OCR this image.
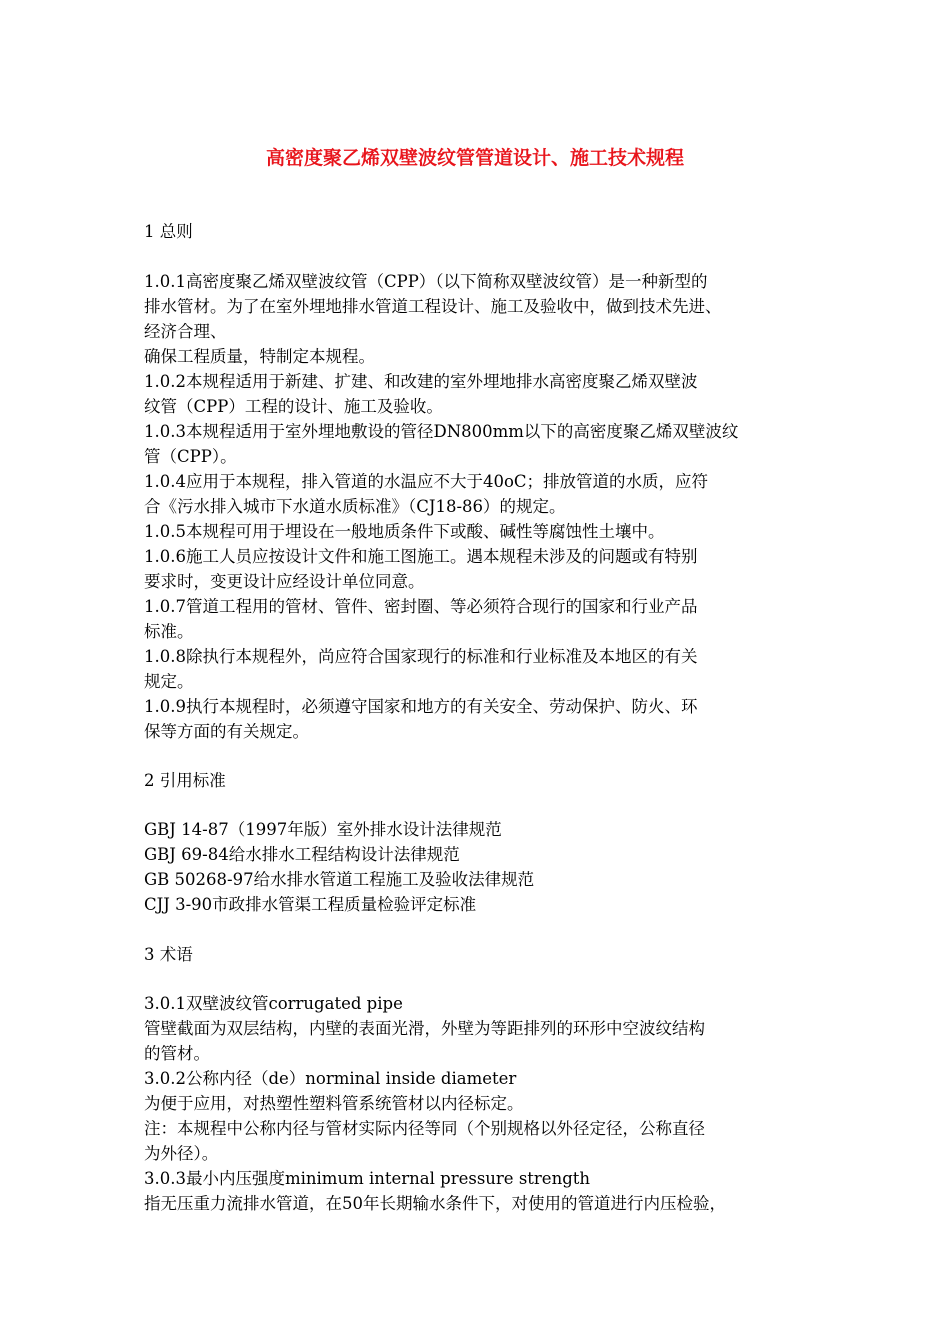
高密度聚乙烯双壁波纹管管道设计、施工技术规程
1 总则
1.0.1高密度聚乙烯双壁波纹管（CPP）（以下简称双壁波纹管）是一种新型的
排水管材。为了在室外埋地排水管道工程设计、施工及验收中，做到技术先进、
经济合理、
确保工程质量，特制定本规程。
1.0.2本规程适用于新建、扩建、和改建的室外埋地排水高密度聚乙烯双壁波
纹管（CPP）工程的设计、施工及验收。
1.0.3本规程适用于室外埋地敷设的管径DN800mm以下的高密度聚乙烯双壁波纹
管（CPP）。
1.0.4应用于本规程，排入管道的水温应不大于40oC；排放管道的水质，应符
合《污水排入城市下水道水质标准》（CJ18-86）的规定。
1.0.5本规程可用于埋设在一般地质条件下或酸、碱性等腐蚀性土壤中。
1.0.6施工人员应按设计文件和施工图施工。遇本规程未涉及的问题或有特别
要求时，变更设计应经设计单位同意。
1.0.7管道工程用的管材、管件、密封圈、等必须符合现行的国家和行业产品
标准。
1.0.8除执行本规程外，尚应符合国家现行的标准和行业标准及本地区的有关
规定。
1.0.9执行本规程时，必须遵守国家和地方的有关安全、劳动保护、防火、环
保等方面的有关规定。
2 引用标准
GBJ 14-87（1997年版）室外排水设计法律规范
GBJ 69-84给水排水工程结构设计法律规范
GB 50268-97给水排水管道工程施工及验收法律规范
CJJ 3-90市政排水管渠工程质量检验评定标准
3 术语
3.0.1双壁波纹管corrugated pipe
管壁截面为双层结构，内壁的表面光滑，外壁为等距排列的环形中空波纹结构
的管材。
3.0.2公称内径（de）norminal inside diameter
为便于应用，对热塑性塑料管系统管材以内径标定。
注：本规程中公称内径与管材实际内径等同（个别规格以外径定径，公称直径
为外径）。
3.0.3最小内压强度minimum internal pressure strength
指无压重力流排水管道，在50年长期输水条件下，对使用的管道进行内压检验，
